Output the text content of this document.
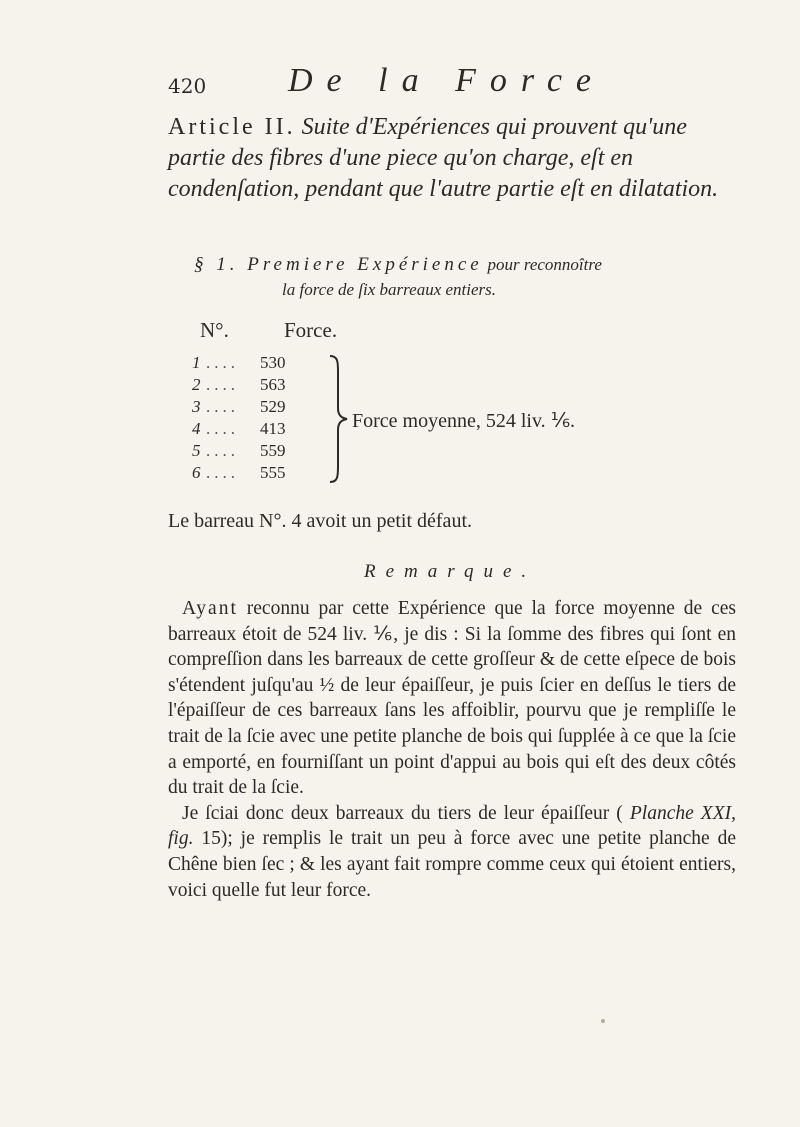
420 De la Force
Article II. Suite d'Expériences qui prouvent qu'une partie des fibres d'une piece qu'on charge, eſt en condenſation, pendant que l'autre partie eſt en dilatation.
§ 1. Premiere Expérience pour reconnoître
la force de ſix barreaux entiers.
N°.	Force.
1 ....	530
2 ....	563
3 ....	529
4 ....	413
5 ....	559
6 ....	555
Force moyenne, 524 liv. ⅙.
Le barreau N°. 4 avoit un petit défaut.
Remarque.

Ayant reconnu par cette Expérience que la force moyenne de ces barreaux étoit de 524 liv. ⅙, je dis : Si la ſomme des fibres qui ſont en compreſſion dans les barreaux de cette groſſeur & de cette eſpece de bois s'étendent juſqu'au ½ de leur épaiſſeur, je puis ſcier en deſſus le tiers de l'épaiſſeur de ces barreaux ſans les affoiblir, pourvu que je rempliſſe le trait de la ſcie avec une petite planche de bois qui ſupplée à ce que la ſcie a emporté, en fourniſſant un point d'appui au bois qui eſt des deux côtés du trait de la ſcie.

Je ſciai donc deux barreaux du tiers de leur épaiſſeur ( Planche XXI, fig. 15); je remplis le trait un peu à force avec une petite planche de Chêne bien ſec ; & les ayant fait rompre comme ceux qui étoient entiers, voici quelle fut leur force.
